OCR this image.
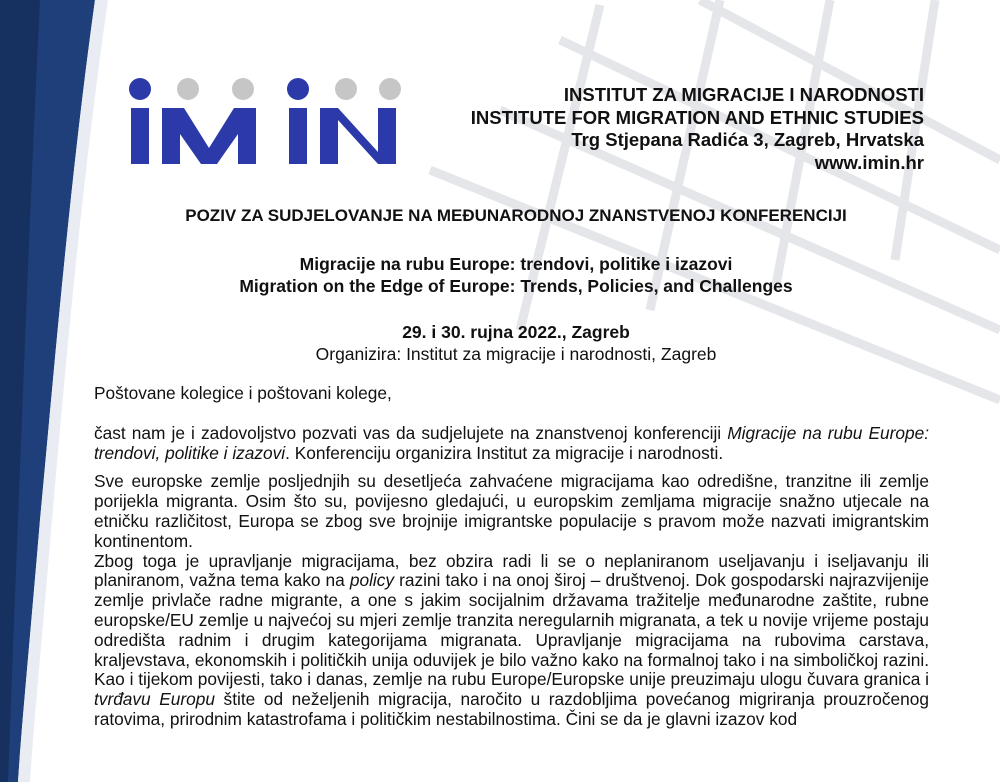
INSTITUT ZA MIGRACIJE I NARODNOSTI
INSTITUTE FOR MIGRATION AND ETHNIC STUDIES
Trg Stjepana Radića 3, Zagreb, Hrvatska
www.imin.hr
POZIV ZA SUDJELOVANJE NA MEĐUNARODNOJ ZNANSTVENOJ KONFERENCIJI
Migracije na rubu Europe: trendovi, politike i izazovi
Migration on the Edge of Europe: Trends, Policies, and Challenges
29. i 30. rujna 2022., Zagreb
Organizira: Institut za migracije i narodnosti, Zagreb

Poštovane kolegice i poštovani kolege,

čast nam je i zadovoljstvo pozvati vas da sudjelujete na znanstvenoj konferenciji Migracije na rubu Europe: trendovi, politike i izazovi. Konferenciju organizira Institut za migracije i narodnosti.

Sve europske zemlje posljednjih su desetljeća zahvaćene migracijama kao odredišne, tranzitne ili zemlje porijekla migranta. Osim što su, povijesno gledajući, u europskim zemljama migracije snažno utjecale na etničku različitost, Europa se zbog sve brojnije imigrantske populacije s pravom može nazvati imigrantskim kontinentom.

Zbog toga je upravljanje migracijama, bez obzira radi li se o neplaniranom useljavanju i iseljavanju ili planiranom, važna tema kako na policy razini tako i na onoj širој – društvenoj. Dok gospodarski najrazvijenije zemlje privlače radne migrante, a one s jakim socijalnim državama tražitelje međunarodne zaštite, rubne europske/EU zemlje u najvećoj su mjeri zemlje tranzita neregularnih migranata, a tek u novije vrijeme postaju odredišta radnim i drugim kategorijama migranata. Upravljanje migracijama na rubovima carstava, kraljevstava, ekonomskih i političkih unija oduvijek je bilo važno kako na formalnoj tako i na simboličkoj razini. Kao i tijekom povijesti, tako i danas, zemlje na rubu Europe/Europske unije preuzimaju ulogu čuvara granica i tvrđavu Europu štite od neželjenih migracija, naročito u razdobljima povećanog migriranja prouzročenog ratovima, prirodnim katastrofama i političkim nestabilnostima. Čini se da je glavni izazov kod
